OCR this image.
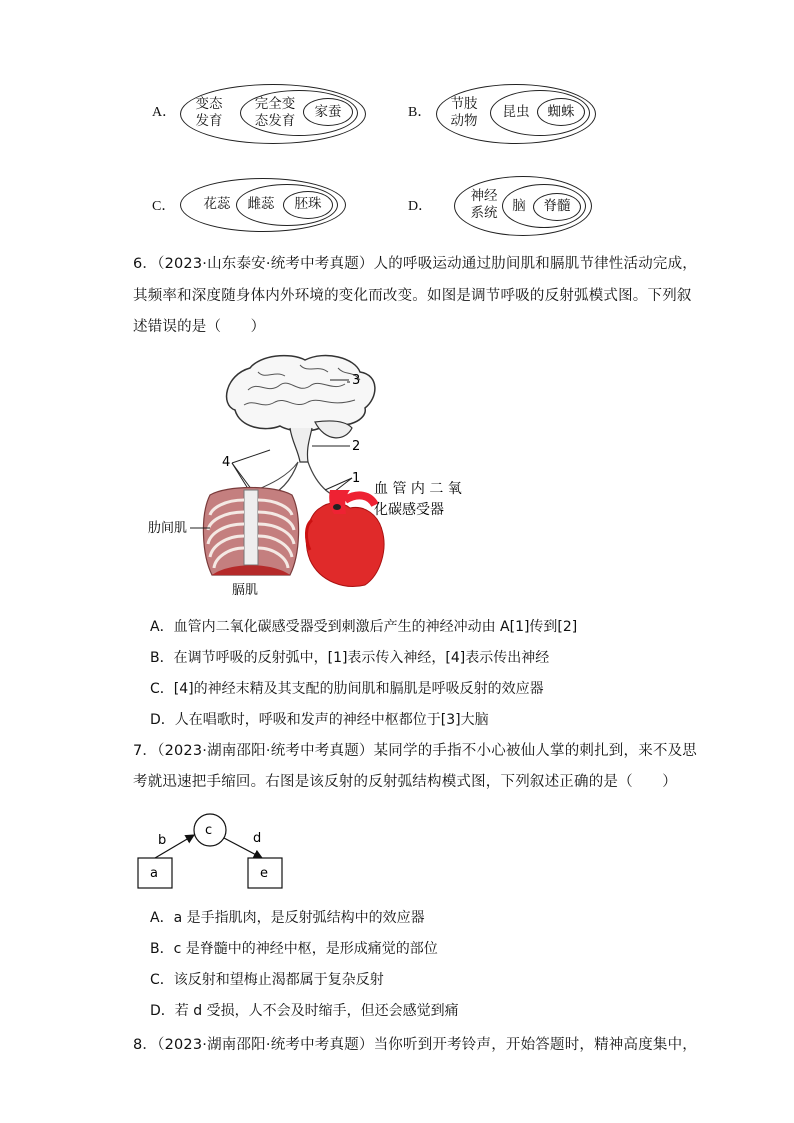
A．
变态
发育
完全变
态发育
家蚕	B．
节肢
动物
昆虫	蜘蛛
C．	花蕊	雌蕊	胚珠	D．
神经
系统	脑	脊髓
6．（2023·山东泰安·统考中考真题）人的呼吸运动通过肋间肌和膈肌节律性活动完成，
其频率和深度随身体内外环境的变化而改变。如图是调节呼吸的反射弧模式图。下列叙
述错误的是（　　）
3
2
1
4
肋间肌
膈肌
血 管 内 二 氧
化碳感受器
A．血管内二氧化碳感受器受到刺激后产生的神经冲动由 A[1]传到[2]
B．在调节呼吸的反射弧中，[1]表示传入神经，[4]表示传出神经
C．[4]的神经末精及其支配的肋间肌和膈肌是呼吸反射的效应器
D．人在唱歌时，呼吸和发声的神经中枢都位于[3]大脑
7．（2023·湖南邵阳·统考中考真题）某同学的手指不小心被仙人掌的刺扎到，来不及思
考就迅速把手缩回。右图是该反射的反射弧结构模式图，下列叙述正确的是（　　）
a	e
c
b	d
A．a 是手指肌肉，是反射弧结构中的效应器
B．c 是脊髓中的神经中枢，是形成痛觉的部位
C．该反射和望梅止渴都属于复杂反射
D．若 d 受损，人不会及时缩手，但还会感觉到痛
8．（2023·湖南邵阳·统考中考真题）当你听到开考铃声，开始答题时，精神高度集中，
